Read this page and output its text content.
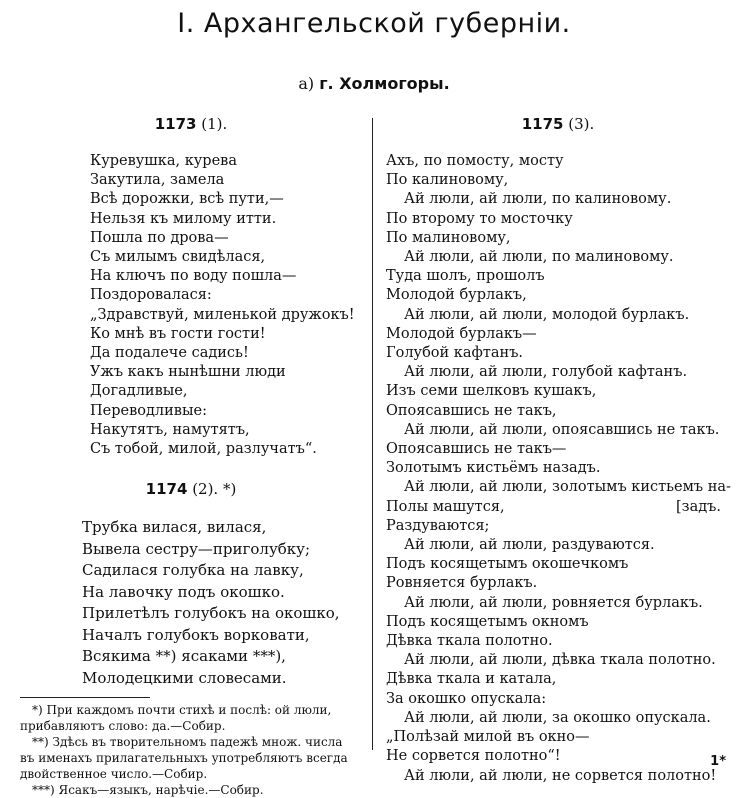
І. Архангельской губерніи.
а) г. Холмогоры.
1173 (1).
Куревушка, курева
Закутила, замела
Всѣ дорожки, всѣ пути,—
Нельзя къ милому итти.
Пошла по дрова—
Съ милымъ свидѣлася,
На ключъ по воду пошла—
Поздоровалася:
„Здравствуй, миленькой дружокъ!
Ко мнѣ въ гости гости!
Да подалече садись!
Ужъ какъ нынѣшни люди
Догадливые,
Переводливые:
Накутятъ, намутятъ,
Съ тобой, милой, разлучатъ“.
1174 (2). *)
Трубка вилася, вилася,
Вывела сестру—приголубку;
Садилася голубка на лавку,
На лавочку подъ окошко.
Прилетѣлъ голубокъ на окошко,
Началъ голубокъ ворковати,
Всякима **) ясаками ***),
Молодецкими словесами.
*) При каждомъ почти стихѣ и послѣ: ой люли,
прибавляютъ слово: да.—Собир.
**) Здѣсь въ творительномъ падежѣ множ. числа
въ именахъ прилагательныхъ употребляютъ всегда
двойственное число.—Собир.
***) Ясакъ—языкъ, нарѣчіе.—Собир.
1175 (3).
Ахъ, по помосту, мосту
По калиновому,
Ай люли, ай люли, по калиновому.
По второму то мосточку
По малиновому,
Ай люли, ай люли, по малиновому.
Туда шолъ, прошолъ
Молодой бурлакъ,
Ай люли, ай люли, молодой бурлакъ.
Молодой бурлакъ—
Голубой кафтанъ.
Ай люли, ай люли, голубой кафтанъ.
Изъ семи шелковъ кушакъ,
Опоясавшись не такъ,
Ай люли, ай люли, опоясавшись не такъ.
Опоясавшись не такъ—
Золотымъ кистьёмъ назадъ.
Ай люли, ай люли, золотымъ кистьемъ на-
Полы машутся,	[задъ.
Раздуваются;
Ай люли, ай люли, раздуваются.
Подъ косящетымъ окошечкомъ
Ровняется бурлакъ.
Ай люли, ай люли, ровняется бурлакъ.
Подъ косящетымъ окномъ
Дѣвка ткала полотно.
Ай люли, ай люли, дѣвка ткала полотно.
Дѣвка ткала и катала,
За окошко опускала:
Ай люли, ай люли, за окошко опускала.
„Полѣзай милой въ окно—
Не сорвется полотно“!
Ай люли, ай люли, не сорвется полотно!
1*
